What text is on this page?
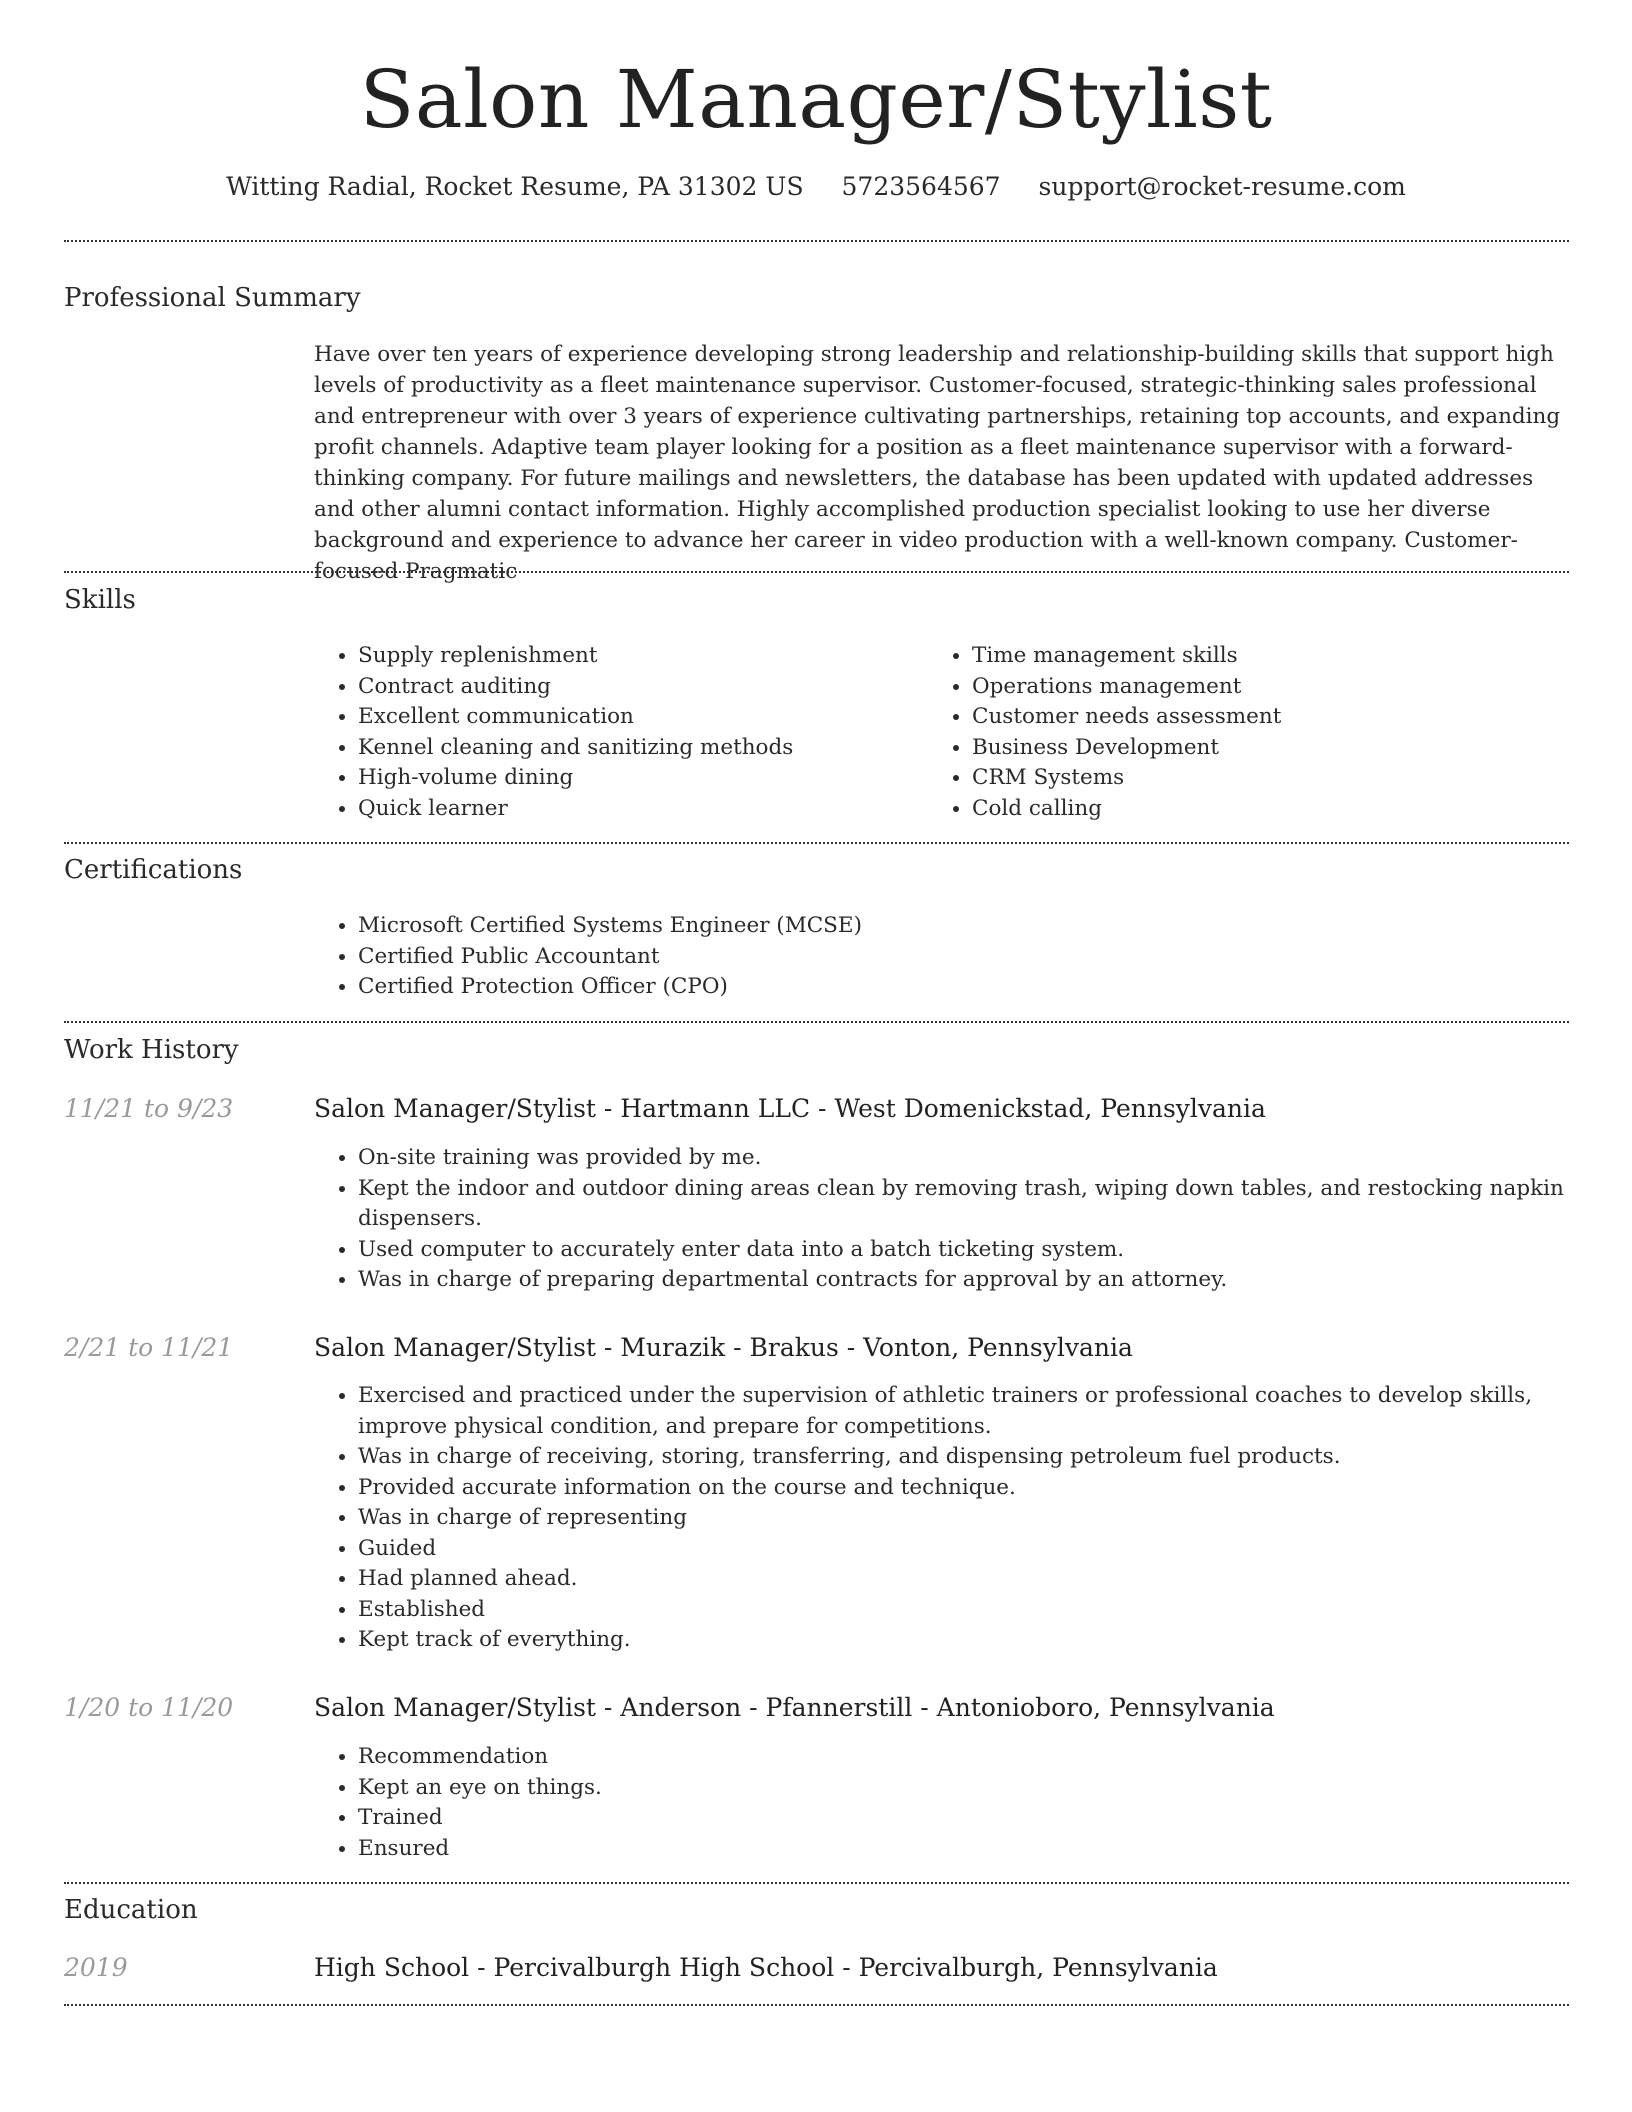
Salon Manager/Stylist
Witting Radial, Rocket Resume, PA 31302 US 5723564567 support@rocket-resume.com
Professional Summary
Have over ten years of experience developing strong leadership and relationship-building skills that support high levels of productivity as a fleet maintenance supervisor. Customer-focused, strategic-thinking sales professional and entrepreneur with over 3 years of experience cultivating partnerships, retaining top accounts, and expanding profit channels. Adaptive team player looking for a position as a fleet maintenance supervisor with a forward-thinking company. For future mailings and newsletters, the database has been updated with updated addresses and other alumni contact information. Highly accomplished production specialist looking to use her diverse background and experience to advance her career in video production with a well-known company. Customer-focused Pragmatic
Skills
• Supply replenishment
• Contract auditing
• Excellent communication
• Kennel cleaning and sanitizing methods
• High-volume dining
• Quick learner
• Time management skills
• Operations management
• Customer needs assessment
• Business Development
• CRM Systems
• Cold calling
Certifications
• Microsoft Certified Systems Engineer (MCSE)
• Certified Public Accountant
• Certified Protection Officer (CPO)
Work History
11/21 to 9/23	Salon Manager/Stylist - Hartmann LLC - West Domenickstad, Pennsylvania
• On-site training was provided by me.
• Kept the indoor and outdoor dining areas clean by removing trash, wiping down tables, and restocking napkin dispensers.
• Used computer to accurately enter data into a batch ticketing system.
• Was in charge of preparing departmental contracts for approval by an attorney.
2/21 to 11/21	Salon Manager/Stylist - Murazik - Brakus - Vonton, Pennsylvania
• Exercised and practiced under the supervision of athletic trainers or professional coaches to develop skills, improve physical condition, and prepare for competitions.
• Was in charge of receiving, storing, transferring, and dispensing petroleum fuel products.
• Provided accurate information on the course and technique.
• Was in charge of representing
• Guided
• Had planned ahead.
• Established
• Kept track of everything.
1/20 to 11/20	Salon Manager/Stylist - Anderson - Pfannerstill - Antonioboro, Pennsylvania
• Recommendation
• Kept an eye on things.
• Trained
• Ensured
Education
2019	High School - Percivalburgh High School - Percivalburgh, Pennsylvania
